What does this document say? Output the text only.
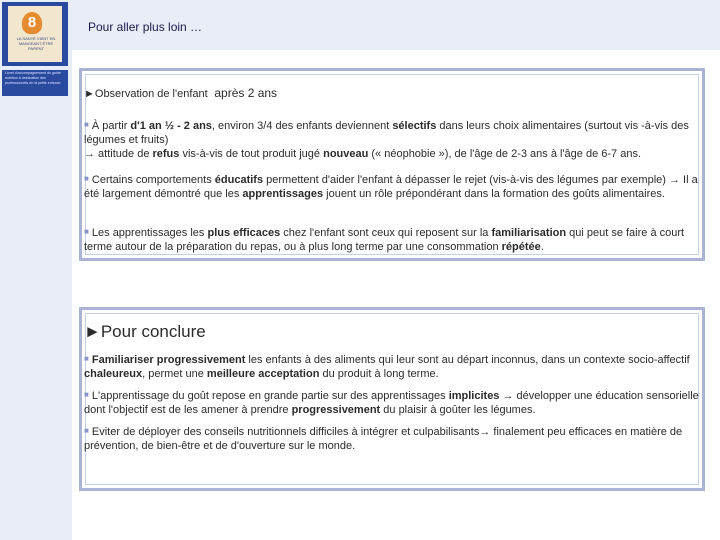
8
LA SANTÉ VIENT EN MANGEANT ÊTRE PARENT
Livret d'accompagnement du guide nutrition à destination des professionnels de la petite enfance
Pour aller plus loin …
►Observation de l'enfant après 2 ans
■ À partir d'1 an ½ - 2 ans, environ 3/4 des enfants deviennent sélectifs dans leurs choix alimentaires (surtout vis -à-vis des légumes et fruits)
→ attitude de refus vis-à-vis de tout produit jugé nouveau (« néophobie »), de l'âge de 2-3 ans à l'âge de 6-7 ans.
■ Certains comportements éducatifs permettent d'aider l'enfant à dépasser le rejet (vis-à-vis des légumes par exemple) → Il a été largement démontré que les apprentissages jouent un rôle prépondérant dans la formation des goûts alimentaires.
■ Les apprentissages les plus efficaces chez l'enfant sont ceux qui reposent sur la familiarisation qui peut se faire à court terme autour de la préparation du repas, ou à plus long terme par une consommation répétée.
►Pour conclure
■ Familiariser progressivement les enfants à des aliments qui leur sont au départ inconnus, dans un contexte socio-affectif chaleureux, permet une meilleure acceptation du produit à long terme.
■ L'apprentissage du goût repose en grande partie sur des apprentissages implicites → développer une éducation sensorielle dont l'objectif est de les amener à prendre progressivement du plaisir à goûter les légumes.
■ Eviter de déployer des conseils nutritionnels difficiles à intégrer et culpabilisants→ finalement peu efficaces en matière de prévention, de bien-être et de d'ouverture sur le monde.
